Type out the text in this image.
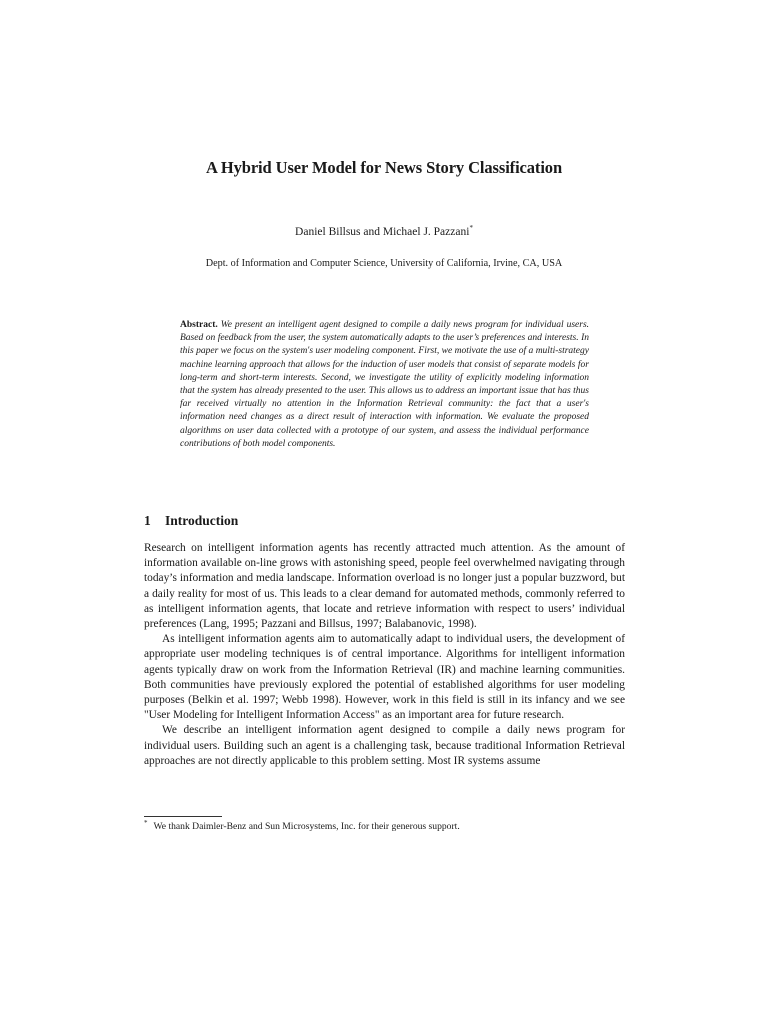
A Hybrid User Model for News Story Classification
Daniel Billsus and Michael J. Pazzani*
Dept. of Information and Computer Science, University of California, Irvine, CA, USA
Abstract. We present an intelligent agent designed to compile a daily news program for individual users. Based on feedback from the user, the system automatically adapts to the user’s preferences and interests. In this paper we focus on the system's user modeling component. First, we motivate the use of a multi-strategy machine learning approach that allows for the induction of user models that consist of separate models for long-term and short-term interests. Second, we investigate the utility of explicitly modeling information that the system has already presented to the user. This allows us to address an important issue that has thus far received virtually no attention in the Information Retrieval community: the fact that a user's information need changes as a direct result of interaction with information. We evaluate the proposed algorithms on user data collected with a prototype of our system, and assess the individual performance contributions of both model components.
1 Introduction

Research on intelligent information agents has recently attracted much attention. As the amount of information available on-line grows with astonishing speed, people feel overwhelmed navigating through today’s information and media landscape. Information overload is no longer just a popular buzzword, but a daily reality for most of us. This leads to a clear demand for automated methods, commonly referred to as intelligent information agents, that locate and retrieve information with respect to users’ individual preferences (Lang, 1995; Pazzani and Billsus, 1997; Balabanovic, 1998).

As intelligent information agents aim to automatically adapt to individual users, the development of appropriate user modeling techniques is of central importance. Algorithms for intelligent information agents typically draw on work from the Information Retrieval (IR) and machine learning communities. Both communities have previously explored the potential of established algorithms for user modeling purposes (Belkin et al. 1997; Webb 1998). However, work in this field is still in its infancy and we see "User Modeling for Intelligent Information Access" as an important area for future research.

We describe an intelligent information agent designed to compile a daily news program for individual users. Building such an agent is a challenging task, because traditional Information Retrieval approaches are not directly applicable to this problem setting. Most IR systems assume

* We thank Daimler-Benz and Sun Microsystems, Inc. for their generous support.
